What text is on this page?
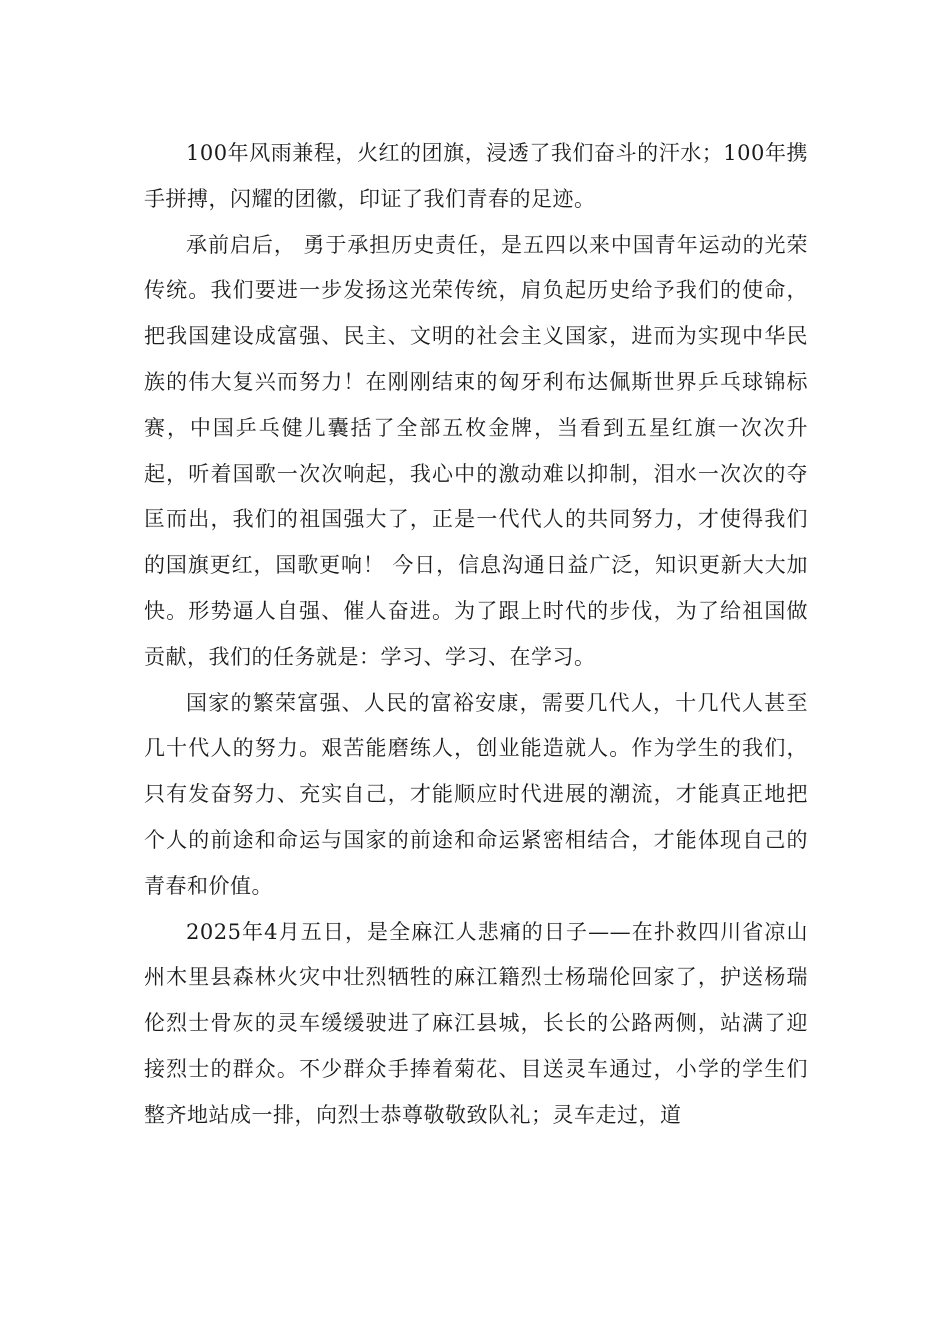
100年风雨兼程，火红的团旗，浸透了我们奋斗的汗水；100年携手拼搏，闪耀的团徽，印证了我们青春的足迹。

承前启后， 勇于承担历史责任，是五四以来中国青年运动的光荣传统。我们要进一步发扬这光荣传统，肩负起历史给予我们的使命，把我国建设成富强、民主、文明的社会主义国家，进而为实现中华民族的伟大复兴而努力！在刚刚结束的匈牙利布达佩斯世界乒乓球锦标赛，中国乒乓健儿囊括了全部五枚金牌，当看到五星红旗一次次升起，听着国歌一次次响起，我心中的激动难以抑制，泪水一次次的夺匡而出，我们的祖国强大了，正是一代代人的共同努力，才使得我们的国旗更红，国歌更响！ 今日，信息沟通日益广泛，知识更新大大加快。形势逼人自强、催人奋进。为了跟上时代的步伐，为了给祖国做贡献，我们的任务就是：学习、学习、在学习。

国家的繁荣富强、人民的富裕安康，需要几代人，十几代人甚至几十代人的努力。艰苦能磨练人，创业能造就人。作为学生的我们，只有发奋努力、充实自己，才能顺应时代进展的潮流，才能真正地把个人的前途和命运与国家的前途和命运紧密相结合，才能体现自己的青春和价值。

2025年4月五日，是全麻江人悲痛的日子——在扑救四川省凉山州木里县森林火灾中壮烈牺牲的麻江籍烈士杨瑞伦回家了，护送杨瑞伦烈士骨灰的灵车缓缓驶进了麻江县城，长长的公路两侧，站满了迎接烈士的群众。不少群众手捧着菊花、目送灵车通过，小学的学生们整齐地站成一排，向烈士恭尊敬敬致队礼；灵车走过，道
